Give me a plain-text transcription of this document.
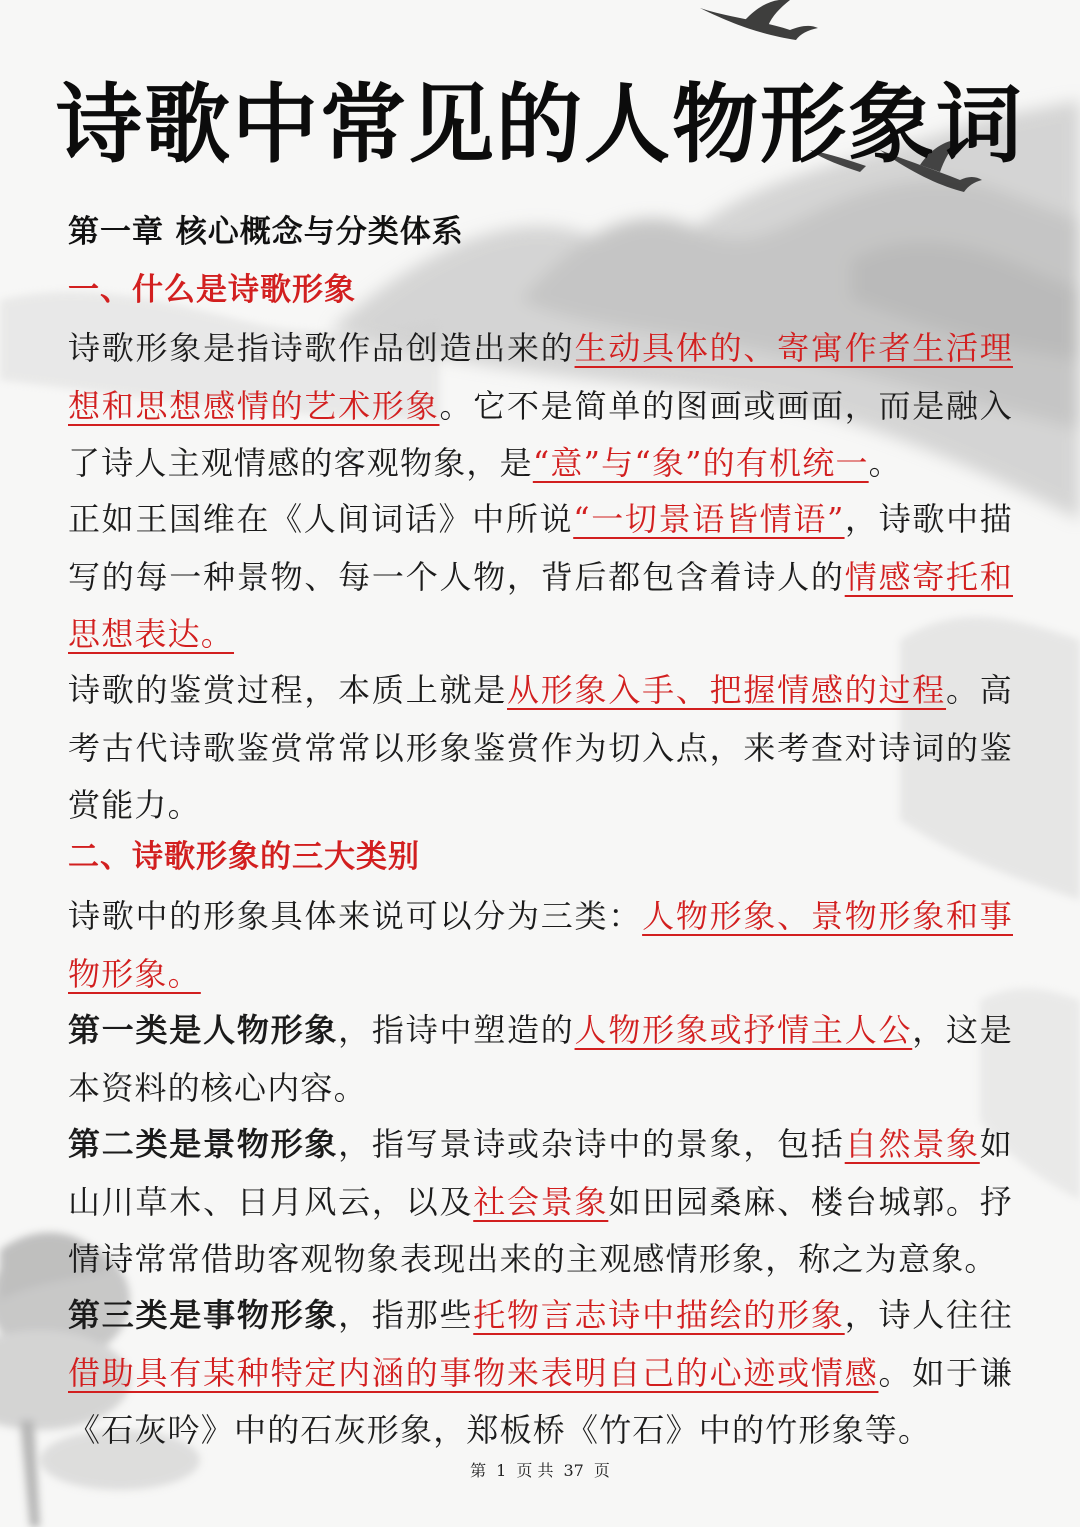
诗歌中常见的人物形象词
第一章 核心概念与分类体系
一、什么是诗歌形象

诗歌形象是指诗歌作品创造出来的生动具体的、寄寓作者生活理想和思想感情的艺术形象。它不是简单的图画或画面，而是融入了诗人主观情感的客观物象，是“意”与“象”的有机统一。

正如王国维在《人间词话》中所说“一切景语皆情语”，诗歌中描写的每一种景物、每一个人物，背后都包含着诗人的情感寄托和思想表达。

诗歌的鉴赏过程，本质上就是从形象入手、把握情感的过程。高考古代诗歌鉴赏常常以形象鉴赏作为切入点，来考查对诗词的鉴赏能力。

二、诗歌形象的三大类别

诗歌中的形象具体来说可以分为三类：人物形象、景物形象和事物形象。

第一类是人物形象，指诗中塑造的人物形象或抒情主人公，这是本资料的核心内容。

第二类是景物形象，指写景诗或杂诗中的景象，包括自然景象如山川草木、日月风云，以及社会景象如田园桑麻、楼台城郭。抒情诗常常借助客观物象表现出来的主观感情形象，称之为意象。

第三类是事物形象，指那些托物言志诗中描绘的形象，诗人往往借助具有某种特定内涵的事物来表明自己的心迹或情感。如于谦《石灰吟》中的石灰形象，郑板桥《竹石》中的竹形象等。

第 1 页 共 37 页
